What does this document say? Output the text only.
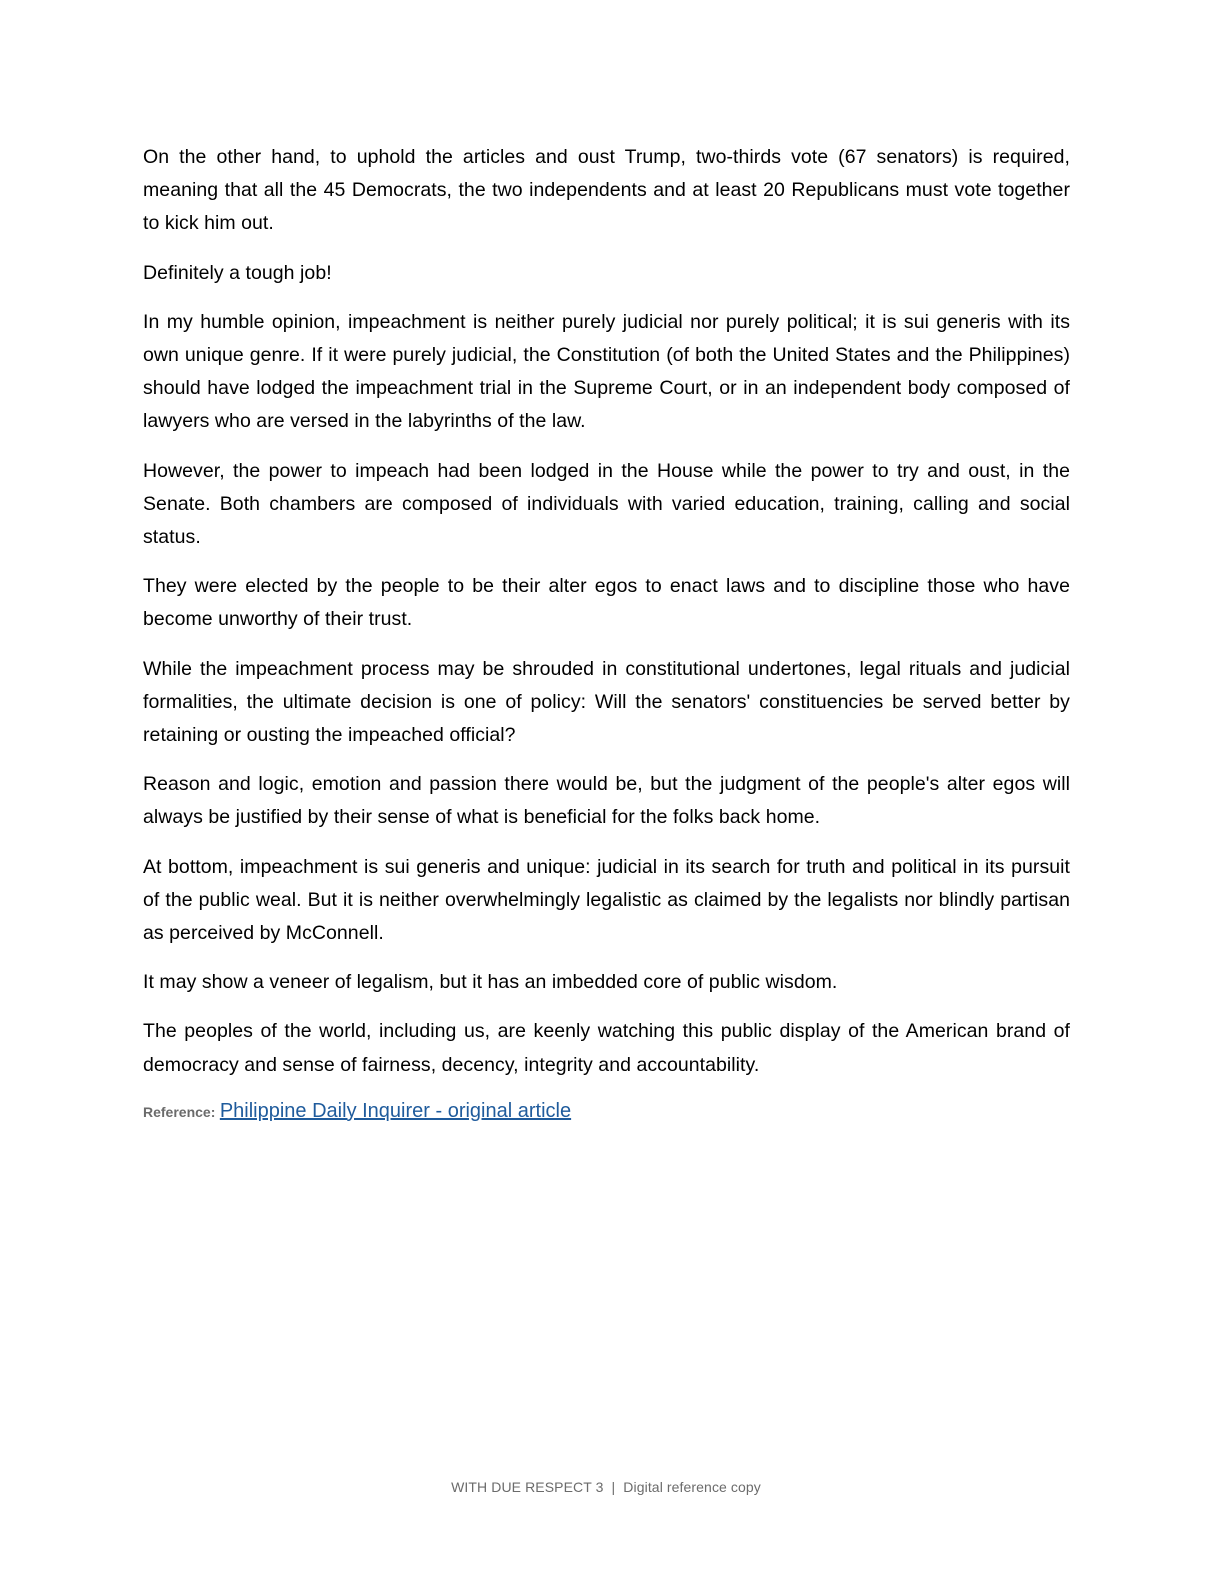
On the other hand, to uphold the articles and oust Trump, two-thirds vote (67 senators) is required, meaning that all the 45 Democrats, the two independents and at least 20 Republicans must vote together to kick him out.

Definitely a tough job!

In my humble opinion, impeachment is neither purely judicial nor purely political; it is sui generis with its own unique genre. If it were purely judicial, the Constitution (of both the United States and the Philippines) should have lodged the impeachment trial in the Supreme Court, or in an independent body composed of lawyers who are versed in the labyrinths of the law.

However, the power to impeach had been lodged in the House while the power to try and oust, in the Senate. Both chambers are composed of individuals with varied education, training, calling and social status.

They were elected by the people to be their alter egos to enact laws and to discipline those who have become unworthy of their trust.

While the impeachment process may be shrouded in constitutional undertones, legal rituals and judicial formalities, the ultimate decision is one of policy: Will the senators' constituencies be served better by retaining or ousting the impeached official?

Reason and logic, emotion and passion there would be, but the judgment of the people's alter egos will always be justified by their sense of what is beneficial for the folks back home.

At bottom, impeachment is sui generis and unique: judicial in its search for truth and political in its pursuit of the public weal. But it is neither overwhelmingly legalistic as claimed by the legalists nor blindly partisan as perceived by McConnell.

It may show a veneer of legalism, but it has an imbedded core of public wisdom.

The peoples of the world, including us, are keenly watching this public display of the American brand of democracy and sense of fairness, decency, integrity and accountability.

Reference: Philippine Daily Inquirer - original article
WITH DUE RESPECT 3 | Digital reference copy
